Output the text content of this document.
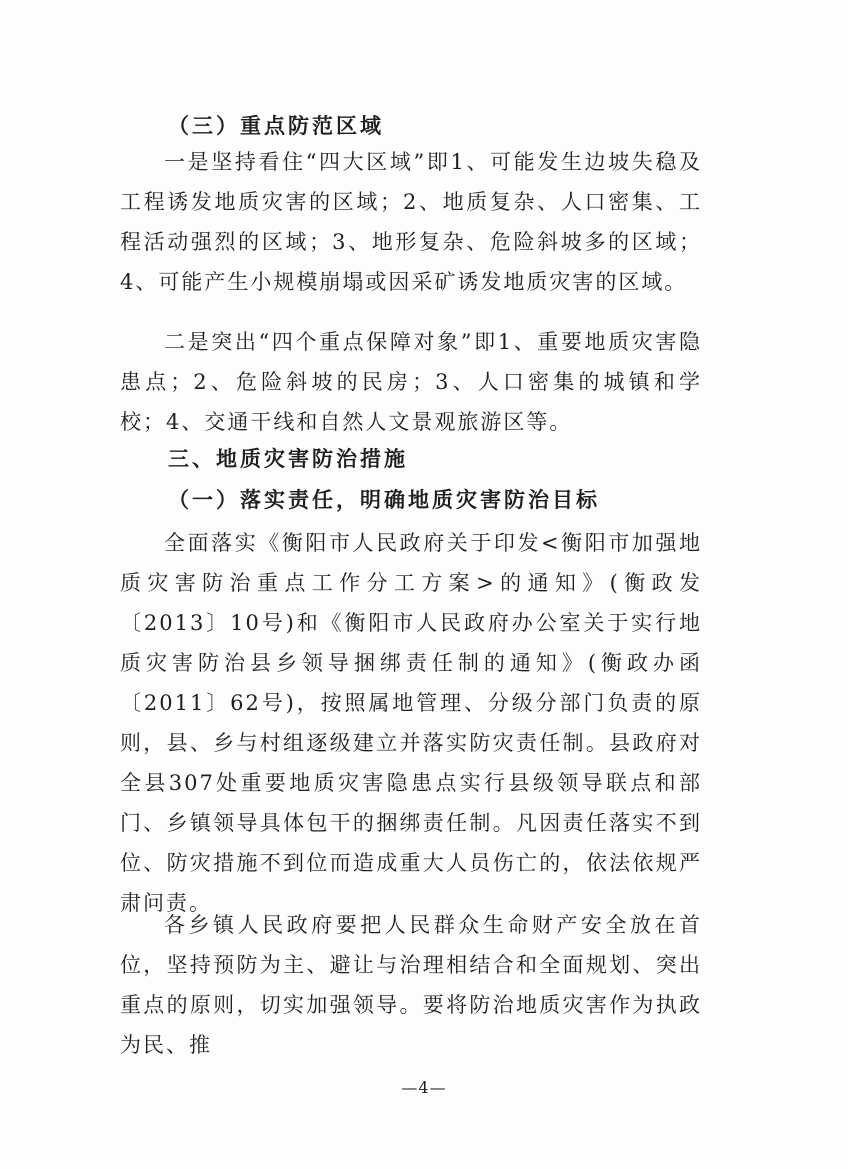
（三）重点防范区域
一是坚持看住“四大区域”即1、可能发生边坡失稳及工程诱发地质灾害的区域；2、地质复杂、人口密集、工程活动强烈的区域；3、地形复杂、危险斜坡多的区域；4、可能产生小规模崩塌或因采矿诱发地质灾害的区域。
二是突出“四个重点保障对象”即1、重要地质灾害隐患点；2、危险斜坡的民房；3、人口密集的城镇和学校；4、交通干线和自然人文景观旅游区等。
三、地质灾害防治措施
（一）落实责任，明确地质灾害防治目标
全面落实《衡阳市人民政府关于印发<衡阳市加强地质灾害防治重点工作分工方案>的通知》(衡政发〔2013〕10号)和《衡阳市人民政府办公室关于实行地质灾害防治县乡领导捆绑责任制的通知》(衡政办函〔2011〕62号)，按照属地管理、分级分部门负责的原则，县、乡与村组逐级建立并落实防灾责任制。县政府对全县307处重要地质灾害隐患点实行县级领导联点和部门、乡镇领导具体包干的捆绑责任制。凡因责任落实不到位、防灾措施不到位而造成重大人员伤亡的，依法依规严肃问责。
各乡镇人民政府要把人民群众生命财产安全放在首位，坚持预防为主、避让与治理相结合和全面规划、突出重点的原则，切实加强领导。要将防治地质灾害作为执政为民、推
—4—
